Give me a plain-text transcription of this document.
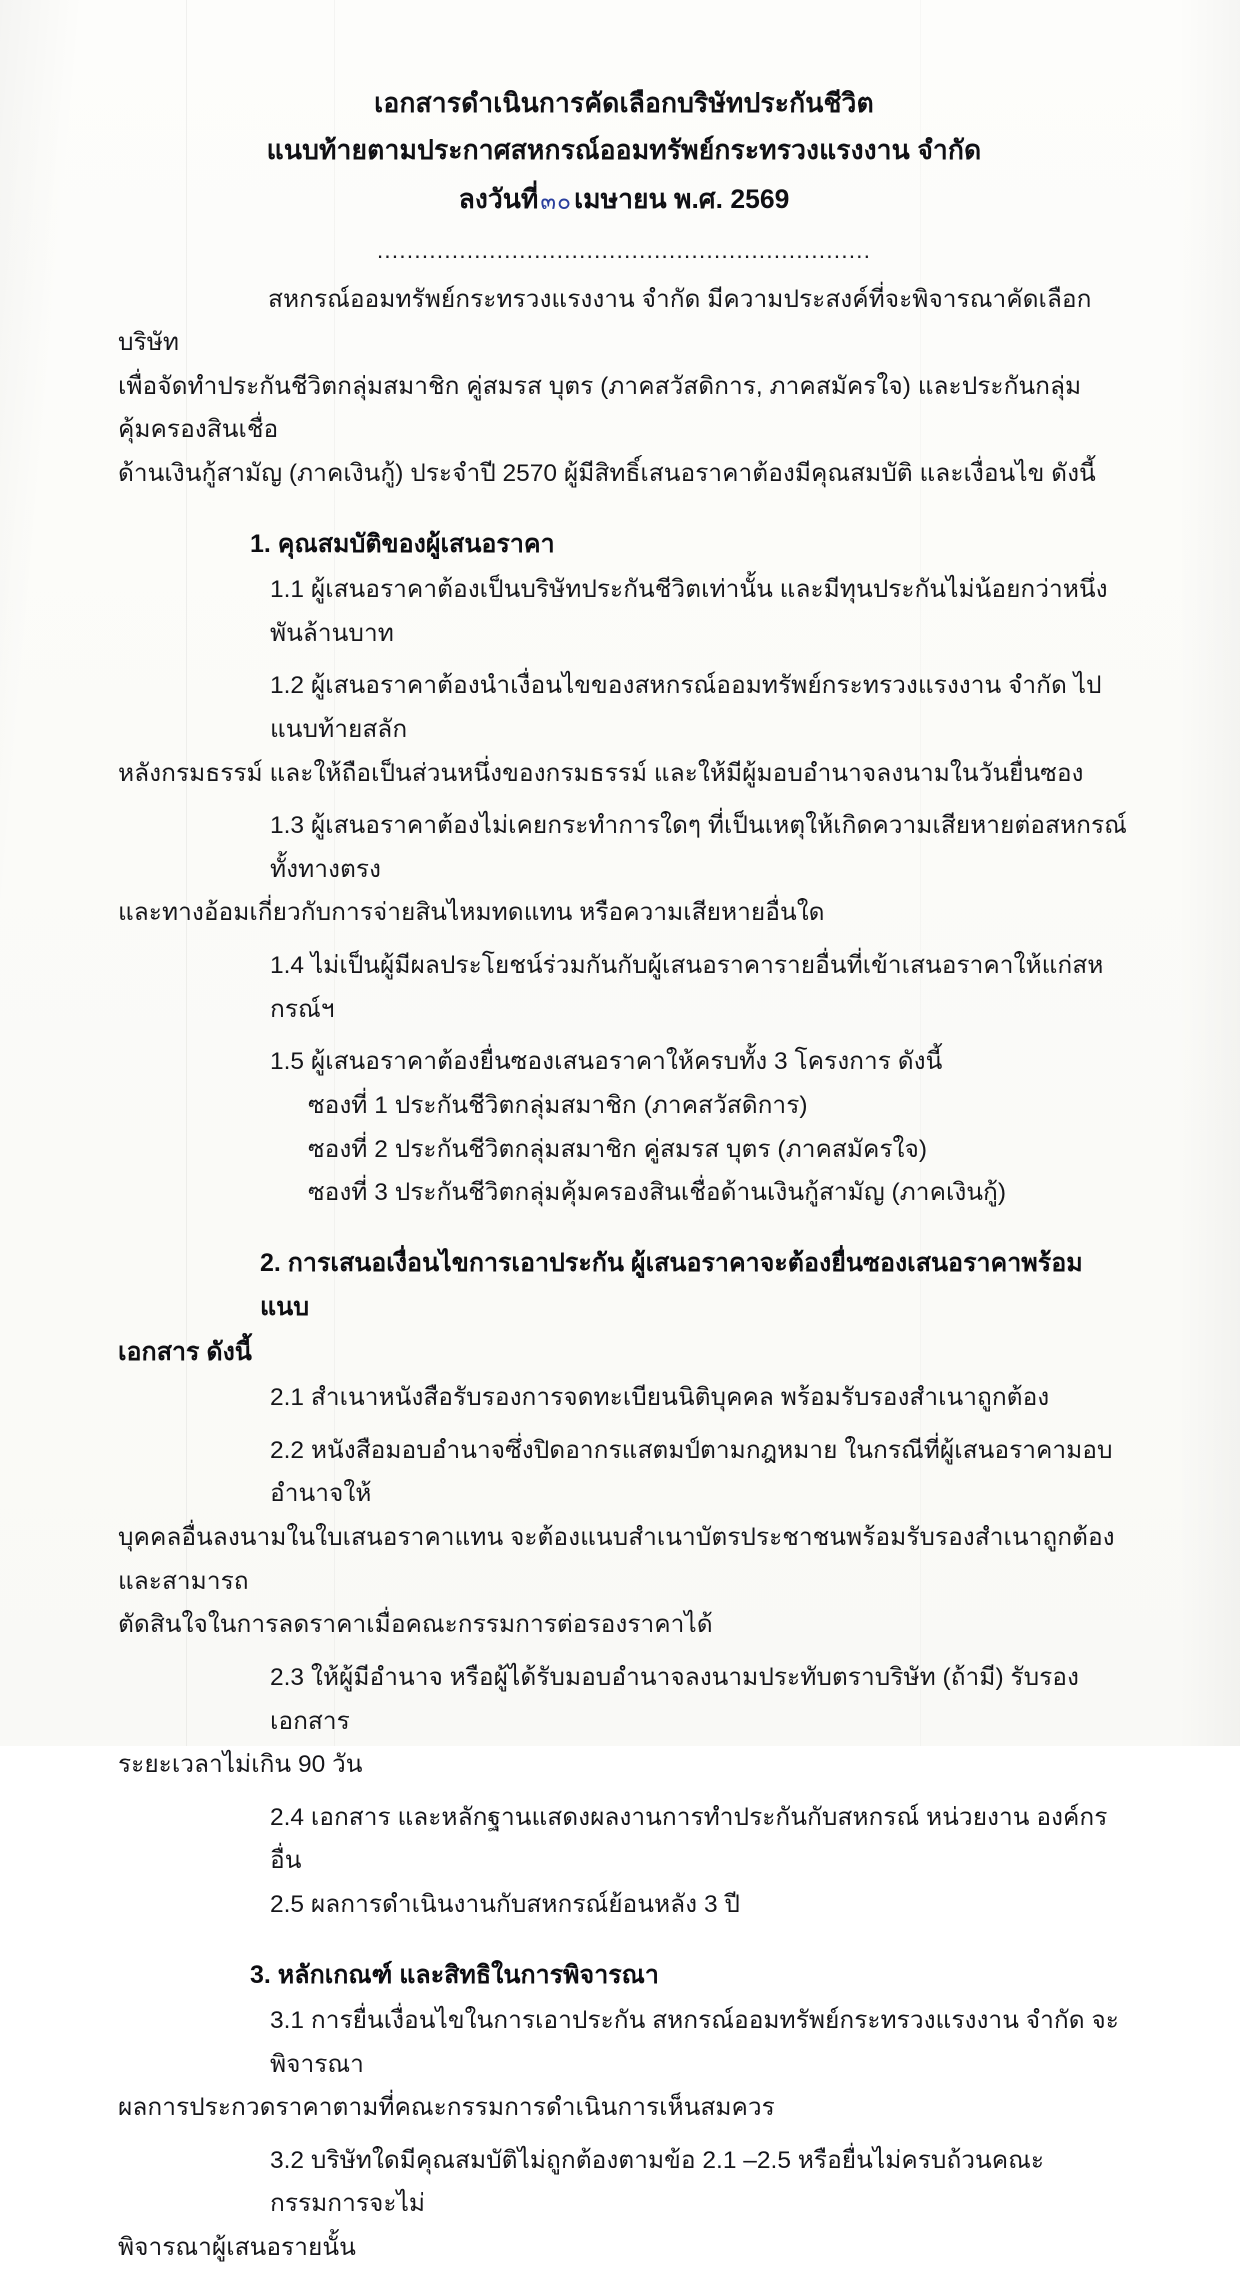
เอกสารดำเนินการคัดเลือกบริษัทประกันชีวิต
แนบท้ายตามประกาศสหกรณ์ออมทรัพย์กระทรวงแรงงาน จำกัด
ลงวันที่๓๐เมษายน พ.ศ. 2569
..................................................................

สหกรณ์ออมทรัพย์กระทรวงแรงงาน จำกัด มีความประสงค์ที่จะพิจารณาคัดเลือกบริษัท

เพื่อจัดทำประกันชีวิตกลุ่มสมาชิก คู่สมรส บุตร (ภาคสวัสดิการ, ภาคสมัครใจ) และประกันกลุ่มคุ้มครองสินเชื่อ

ด้านเงินกู้สามัญ (ภาคเงินกู้) ประจำปี 2570 ผู้มีสิทธิ์เสนอราคาต้องมีคุณสมบัติ และเงื่อนไข ดังนี้

1. คุณสมบัติของผู้เสนอราคา

1.1 ผู้เสนอราคาต้องเป็นบริษัทประกันชีวิตเท่านั้น และมีทุนประกันไม่น้อยกว่าหนึ่งพันล้านบาท

1.2 ผู้เสนอราคาต้องนำเงื่อนไขของสหกรณ์ออมทรัพย์กระทรวงแรงงาน จำกัด ไปแนบท้ายสลัก
หลังกรมธรรม์ และให้ถือเป็นส่วนหนึ่งของกรมธรรม์ และให้มีผู้มอบอำนาจลงนามในวันยื่นซอง

1.3 ผู้เสนอราคาต้องไม่เคยกระทำการใดๆ ที่เป็นเหตุให้เกิดความเสียหายต่อสหกรณ์ทั้งทางตรง
และทางอ้อมเกี่ยวกับการจ่ายสินไหมทดแทน หรือความเสียหายอื่นใด

1.4 ไม่เป็นผู้มีผลประโยชน์ร่วมกันกับผู้เสนอราคารายอื่นที่เข้าเสนอราคาให้แก่สหกรณ์ฯ

1.5 ผู้เสนอราคาต้องยื่นซองเสนอราคาให้ครบทั้ง 3 โครงการ ดังนี้

ซองที่ 1 ประกันชีวิตกลุ่มสมาชิก (ภาคสวัสดิการ)

ซองที่ 2 ประกันชีวิตกลุ่มสมาชิก คู่สมรส บุตร (ภาคสมัครใจ)

ซองที่ 3 ประกันชีวิตกลุ่มคุ้มครองสินเชื่อด้านเงินกู้สามัญ (ภาคเงินกู้)

2. การเสนอเงื่อนไขการเอาประกัน ผู้เสนอราคาจะต้องยื่นซองเสนอราคาพร้อมแนบ
เอกสาร ดังนี้

2.1 สำเนาหนังสือรับรองการจดทะเบียนนิติบุคคล พร้อมรับรองสำเนาถูกต้อง

2.2 หนังสือมอบอำนาจซึ่งปิดอากรแสตมป์ตามกฎหมาย ในกรณีที่ผู้เสนอราคามอบอำนาจให้
บุคคลอื่นลงนามในใบเสนอราคาแทน จะต้องแนบสำเนาบัตรประชาชนพร้อมรับรองสำเนาถูกต้อง และสามารถ
ตัดสินใจในการลดราคาเมื่อคณะกรรมการต่อรองราคาได้

2.3 ให้ผู้มีอำนาจ หรือผู้ได้รับมอบอำนาจลงนามประทับตราบริษัท (ถ้ามี) รับรองเอกสาร
ระยะเวลาไม่เกิน 90 วัน

2.4 เอกสาร และหลักฐานแสดงผลงานการทำประกันกับสหกรณ์ หน่วยงาน องค์กรอื่น

2.5 ผลการดำเนินงานกับสหกรณ์ย้อนหลัง 3 ปี

3. หลักเกณฑ์ และสิทธิในการพิจารณา

3.1 การยื่นเงื่อนไขในการเอาประกัน สหกรณ์ออมทรัพย์กระทรวงแรงงาน จำกัด จะพิจารณา
ผลการประกวดราคาตามที่คณะกรรมการดำเนินการเห็นสมควร

3.2 บริษัทใดมีคุณสมบัติไม่ถูกต้องตามข้อ 2.1 –2.5 หรือยื่นไม่ครบถ้วนคณะกรรมการจะไม่
พิจารณาผู้เสนอรายนั้น
